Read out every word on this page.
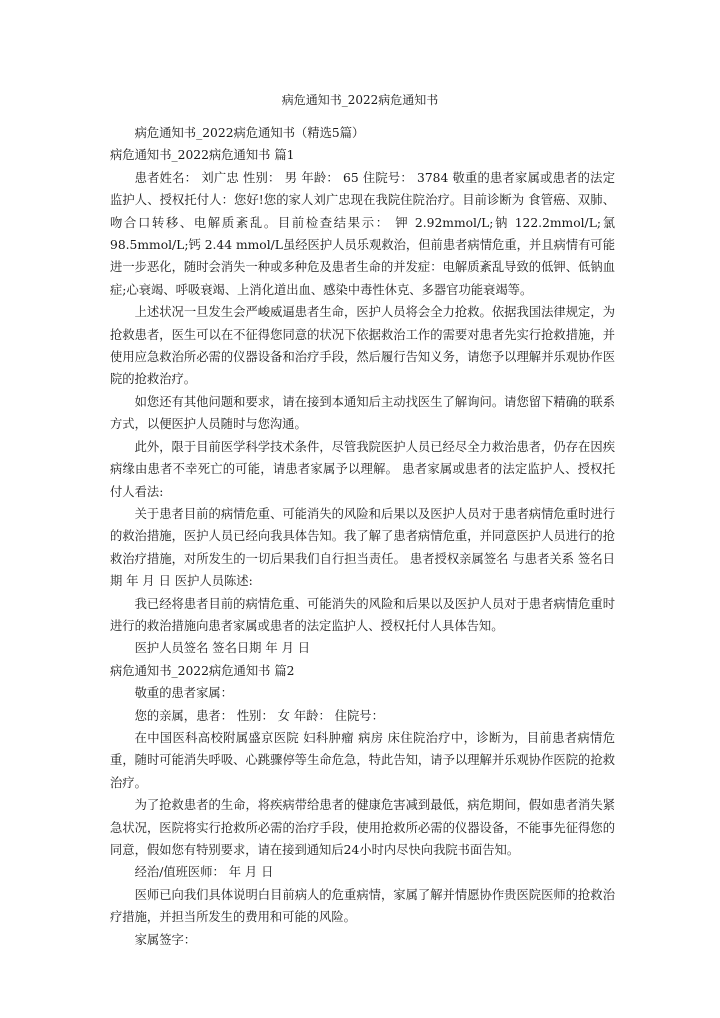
病危通知书_2022病危通知书

病危通知书_2022病危通知书（精选5篇）

病危通知书_2022病危通知书 篇1

患者姓名： 刘广忠 性别： 男 年龄： 65 住院号： 3784 敬重的患者家属或患者的法定监护人、授权托付人：您好!您的家人刘广忠现在我院住院治疗。目前诊断为 食管癌、双肺、吻合口转移、电解质紊乱。目前检查结果示： 钾 2.92mmol/L;钠 122.2mmol/L;氯 98.5mmol/L;钙 2.44 mmol/L虽经医护人员乐观救治，但前患者病情危重，并且病情有可能进一步恶化，随时会消失一种或多种危及患者生命的并发症：电解质紊乱导致的低钾、低钠血症;心衰竭、呼吸衰竭、上消化道出血、感染中毒性休克、多器官功能衰竭等。

上述状况一旦发生会严峻威逼患者生命，医护人员将会全力抢救。依据我国法律规定，为抢救患者，医生可以在不征得您同意的状况下依据救治工作的需要对患者先实行抢救措施，并使用应急救治所必需的仪器设备和治疗手段，然后履行告知义务，请您予以理解并乐观协作医院的抢救治疗。

如您还有其他问题和要求，请在接到本通知后主动找医生了解询问。请您留下精确的联系方式，以便医护人员随时与您沟通。

此外，限于目前医学科学技术条件，尽管我院医护人员已经尽全力救治患者，仍存在因疾病缘由患者不幸死亡的可能，请患者家属予以理解。 患者家属或患者的法定监护人、授权托付人看法:

关于患者目前的病情危重、可能消失的风险和后果以及医护人员对于患者病情危重时进行的救治措施，医护人员已经向我具体告知。我了解了患者病情危重，并同意医护人员进行的抢救治疗措施，对所发生的一切后果我们自行担当责任。 患者授权亲属签名 与患者关系 签名日期 年 月 日 医护人员陈述:

我已经将患者目前的病情危重、可能消失的风险和后果以及医护人员对于患者病情危重时进行的救治措施向患者家属或患者的法定监护人、授权托付人具体告知。

医护人员签名 签名日期 年 月 日

病危通知书_2022病危通知书 篇2

敬重的患者家属：

您的亲属，患者： 性别： 女 年龄： 住院号：

在中国医科高校附属盛京医院 妇科肿瘤 病房 床住院治疗中，诊断为，目前患者病情危重，随时可能消失呼吸、心跳骤停等生命危急，特此告知，请予以理解并乐观协作医院的抢救治疗。

为了抢救患者的生命，将疾病带给患者的健康危害减到最低，病危期间，假如患者消失紧急状况，医院将实行抢救所必需的治疗手段，使用抢救所必需的仪器设备，不能事先征得您的同意，假如您有特别要求，请在接到通知后24小时内尽快向我院书面告知。

经治/值班医师： 年 月 日

医师已向我们具体说明白目前病人的危重病情，家属了解并情愿协作贵医院医师的抢救治疗措施，并担当所发生的费用和可能的风险。

家属签字：
